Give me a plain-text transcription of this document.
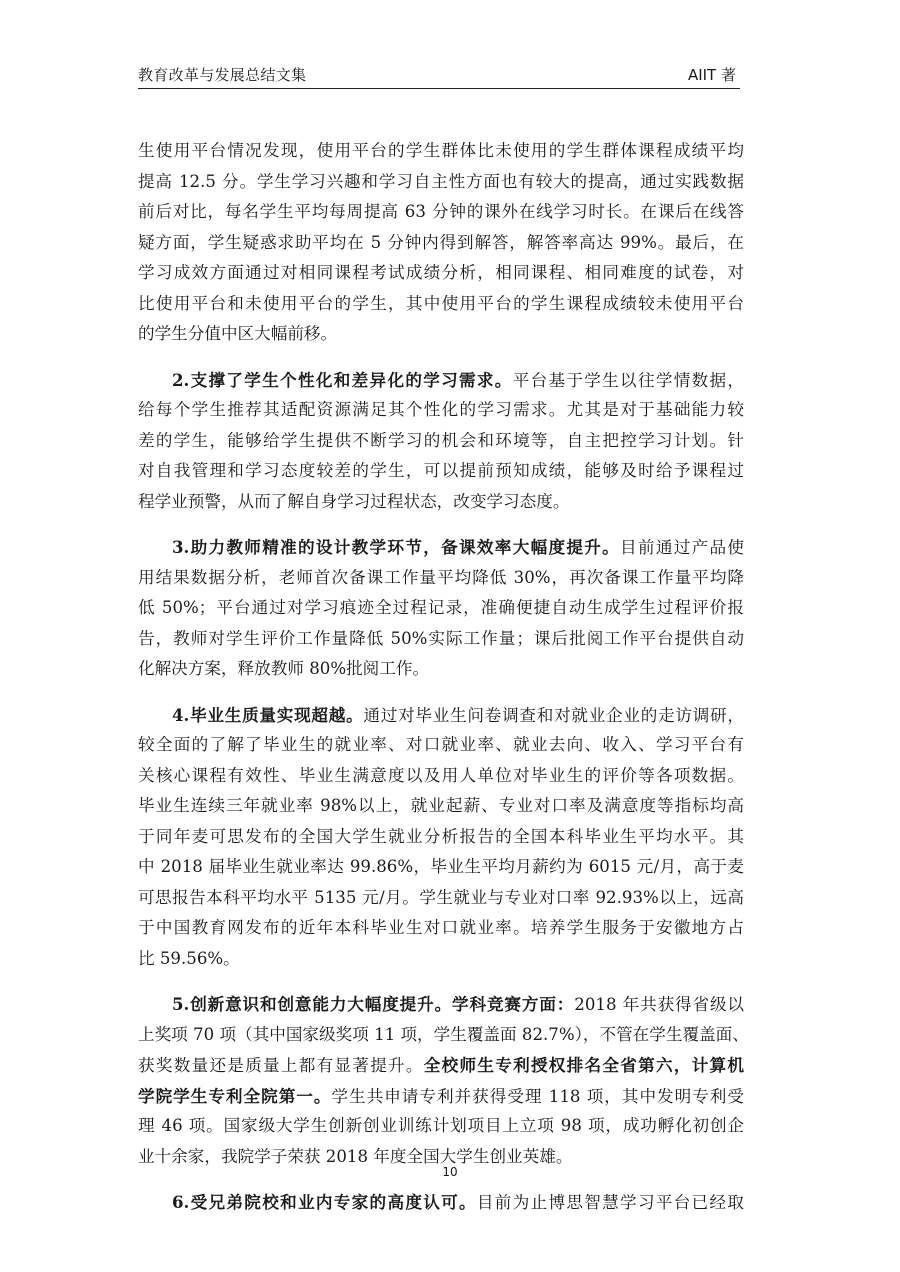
教育改革与发展总结文集	AIIT 著
生使用平台情况发现，使用平台的学生群体比未使用的学生群体课程成绩平均
提高 12.5 分。学生学习兴趣和学习自主性方面也有较大的提高，通过实践数据
前后对比，每名学生平均每周提高 63 分钟的课外在线学习时长。在课后在线答
疑方面，学生疑惑求助平均在 5 分钟内得到解答，解答率高达 99%。最后，在
学习成效方面通过对相同课程考试成绩分析，相同课程、相同难度的试卷，对
比使用平台和未使用平台的学生，其中使用平台的学生课程成绩较未使用平台
的学生分值中区大幅前移。
2.支撑了学生个性化和差异化的学习需求。平台基于学生以往学情数据，
给每个学生推荐其适配资源满足其个性化的学习需求。尤其是对于基础能力较
差的学生，能够给学生提供不断学习的机会和环境等，自主把控学习计划。针
对自我管理和学习态度较差的学生，可以提前预知成绩，能够及时给予课程过
程学业预警，从而了解自身学习过程状态，改变学习态度。
3.助力教师精准的设计教学环节，备课效率大幅度提升。目前通过产品使
用结果数据分析，老师首次备课工作量平均降低 30%，再次备课工作量平均降
低 50%；平台通过对学习痕迹全过程记录，准确便捷自动生成学生过程评价报
告，教师对学生评价工作量降低 50%实际工作量；课后批阅工作平台提供自动
化解决方案，释放教师 80%批阅工作。
4.毕业生质量实现超越。通过对毕业生问卷调查和对就业企业的走访调研，
较全面的了解了毕业生的就业率、对口就业率、就业去向、收入、学习平台有
关核心课程有效性、毕业生满意度以及用人单位对毕业生的评价等各项数据。
毕业生连续三年就业率 98%以上，就业起薪、专业对口率及满意度等指标均高
于同年麦可思发布的全国大学生就业分析报告的全国本科毕业生平均水平。其
中 2018 届毕业生就业率达 99.86%，毕业生平均月薪约为 6015 元/月，高于麦
可思报告本科平均水平 5135 元/月。学生就业与专业对口率 92.93%以上，远高
于中国教育网发布的近年本科毕业生对口就业率。培养学生服务于安徽地方占
比 59.56%。
5.创新意识和创意能力大幅度提升。学科竞赛方面：2018 年共获得省级以
上奖项 70 项（其中国家级奖项 11 项，学生覆盖面 82.7%），不管在学生覆盖面、
获奖数量还是质量上都有显著提升。全校师生专利授权排名全省第六，计算机
学院学生专利全院第一。学生共申请专利并获得受理 118 项，其中发明专利受
理 46 项。国家级大学生创新创业训练计划项目上立项 98 项，成功孵化初创企
业十余家，我院学子荣获 2018 年度全国大学生创业英雄。
6.受兄弟院校和业内专家的高度认可。目前为止博思智慧学习平台已经取
10
